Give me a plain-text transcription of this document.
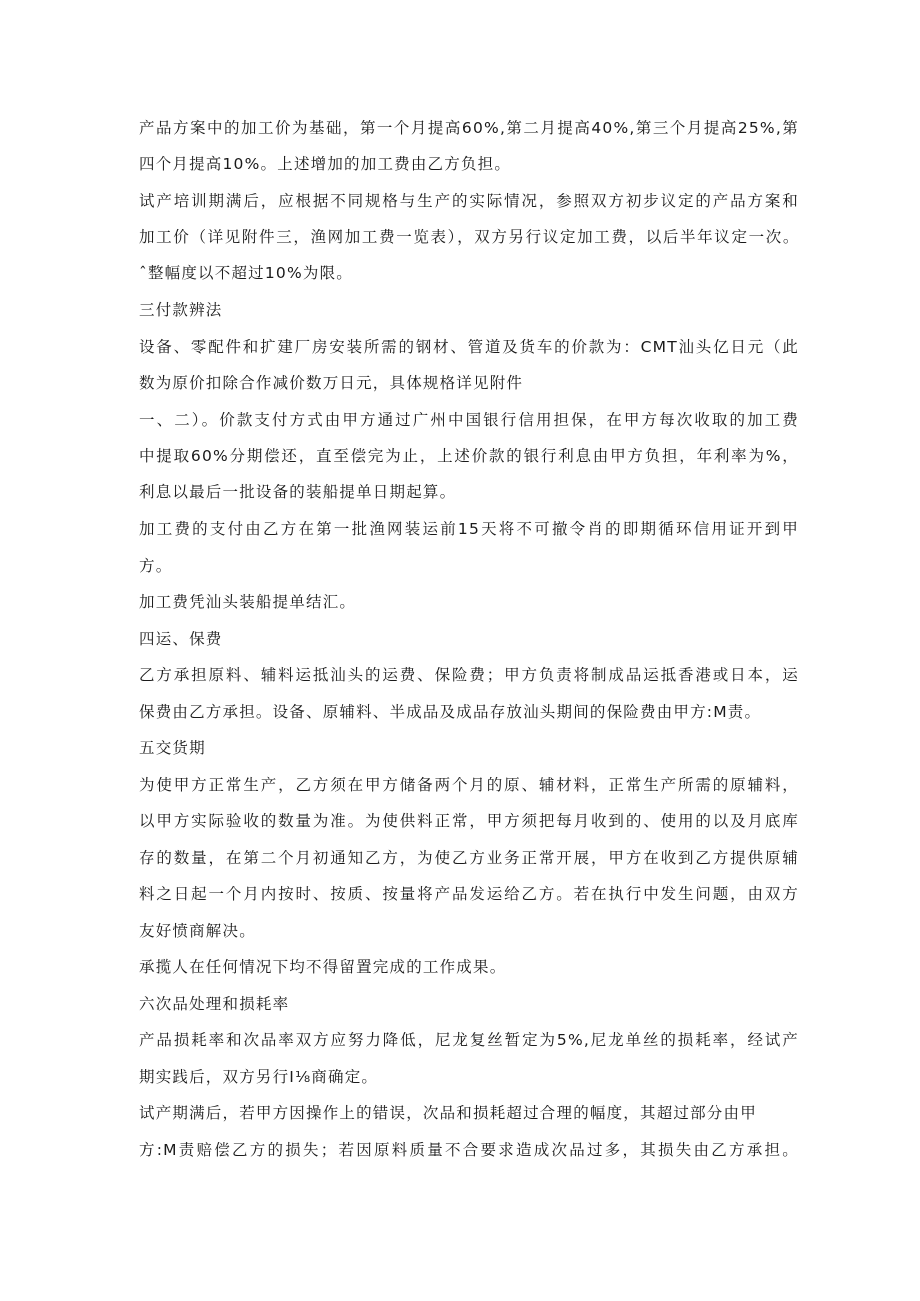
产品方案中的加工价为基础，第一个月提高60%,第二月提高40%,第三个月提高25%,第
四个月提高10%。上述增加的加工费由乙方负担。
试产培训期满后，应根据不同规格与生产的实际情况，参照双方初步议定的产品方案和
加工价（详见附件三，渔网加工费一览表），双方另行议定加工费，以后半年议定一次。
ˆ整幅度以不超过10%为限。
三付款辨法
设备、零配件和扩建厂房安装所需的钢材、管道及货车的价款为：CMT汕头亿日元（此
数为原价扣除合作减价数万日元，具体规格详见附件
一、二）。价款支付方式由甲方通过广州中国银行信用担保，在甲方每次收取的加工费
中提取60%分期偿还，直至偿完为止，上述价款的银行利息由甲方负担，年利率为%，
利息以最后一批设备的装船提单日期起算。
加工费的支付由乙方在第一批渔网装运前15天将不可撤令肖的即期循环信用证开到甲
方。
加工费凭汕头装船提单结汇。
四运、保费
乙方承担原料、辅料运抵汕头的运费、保险费；甲方负责将制成品运抵香港或日本，运
保费由乙方承担。设备、原辅料、半成品及成品存放汕头期间的保险费由甲方:M责。
五交货期
为使甲方正常生产，乙方须在甲方储备两个月的原、辅材料，正常生产所需的原辅料，
以甲方实际验收的数量为准。为使供料正常，甲方须把每月收到的、使用的以及月底库
存的数量，在第二个月初通知乙方，为使乙方业务正常开展，甲方在收到乙方提供原辅
料之日起一个月内按时、按质、按量将产品发运给乙方。若在执行中发生问题，由双方
友好愤商解决。
承揽人在任何情况下均不得留置完成的工作成果。
六次品处理和损耗率
产品损耗率和次品率双方应努力降低，尼龙复丝暂定为5%,尼龙单丝的损耗率，经试产
期实践后，双方另行I⅛商确定。
试产期满后，若甲方因操作上的错误，次品和损耗超过合理的幅度，其超过部分由甲
方:M责赔偿乙方的损失；若因原料质量不合要求造成次品过多，其损失由乙方承担。
